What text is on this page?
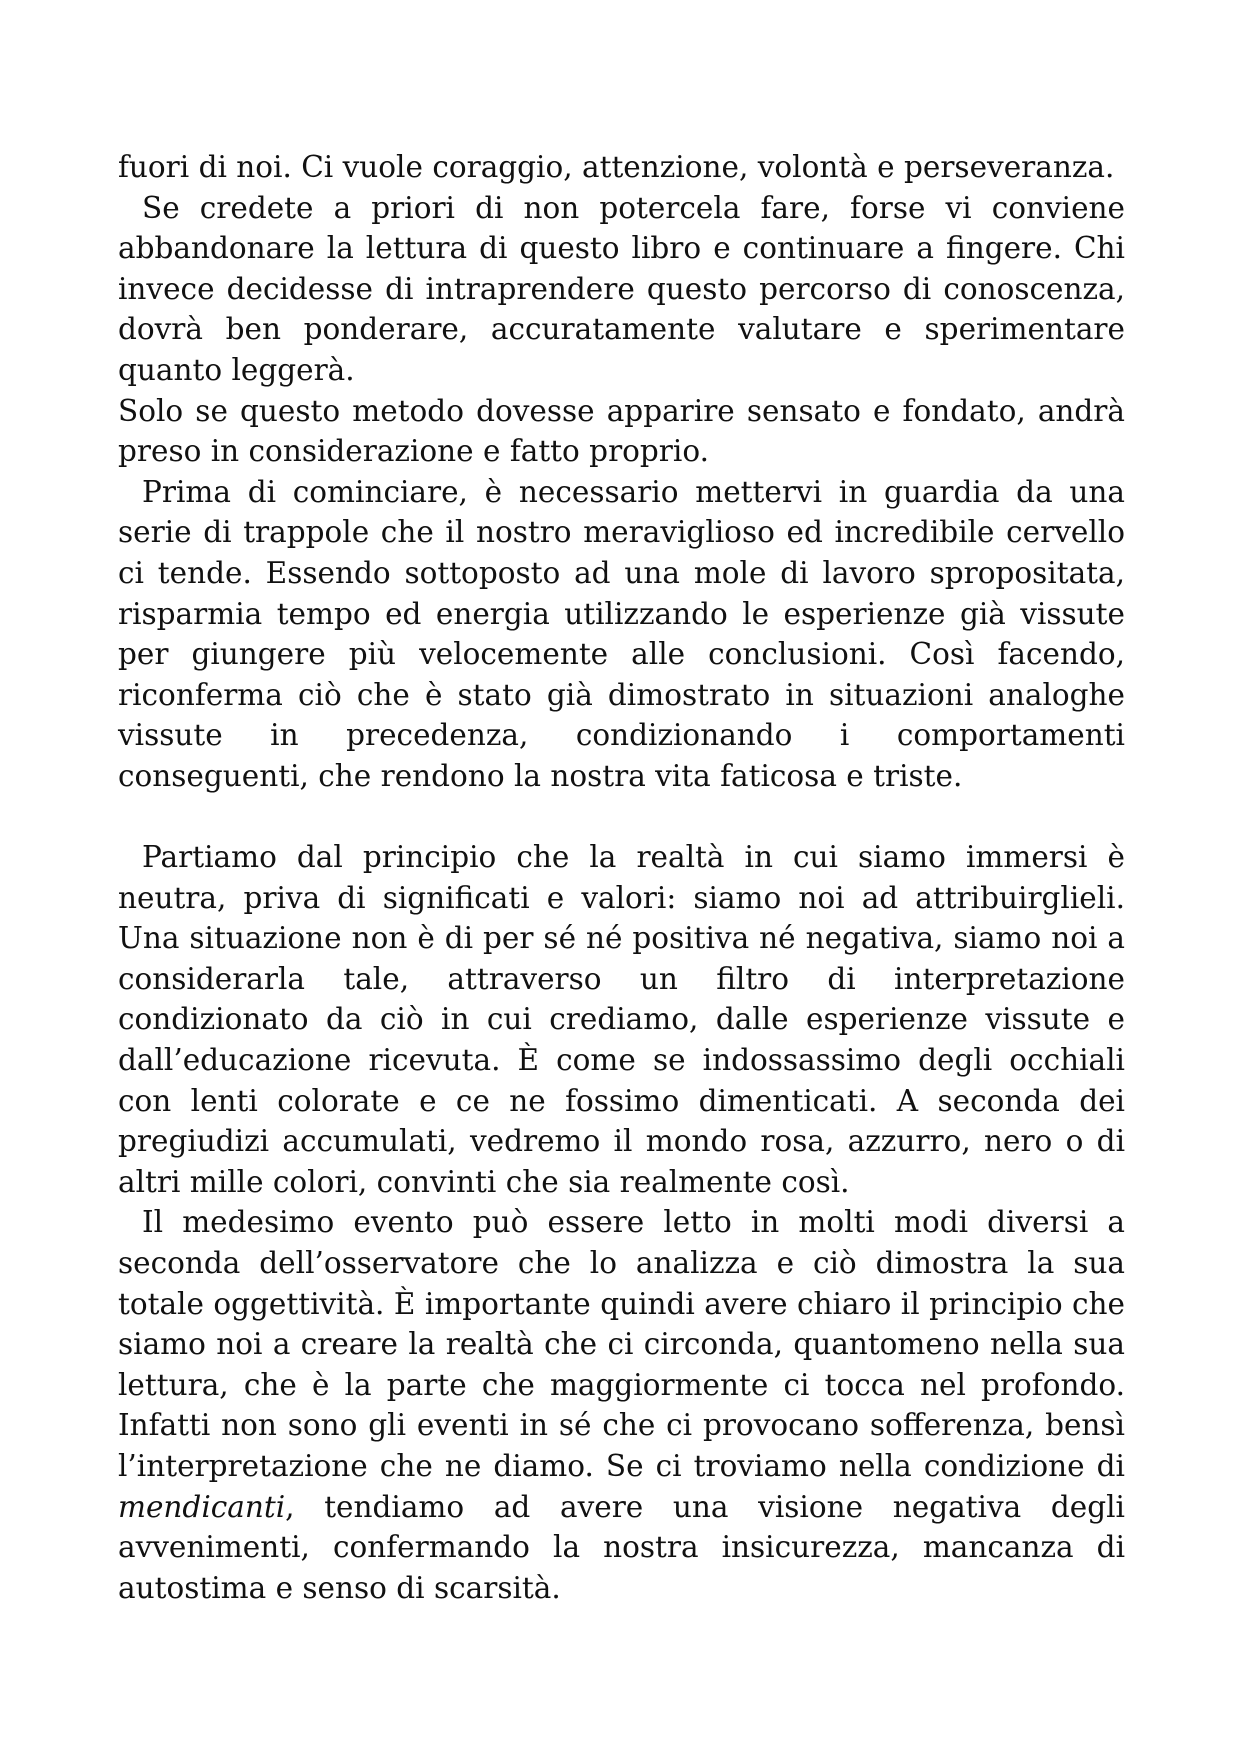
fuori di noi. Ci vuole coraggio, attenzione, volontà e perseveranza.

Se credete a priori di non potercela fare, forse vi conviene abbandonare la lettura di questo libro e continuare a fingere. Chi invece decidesse di intraprendere questo percorso di conoscenza, dovrà ben ponderare, accuratamente valutare e sperimentare quanto leggerà.

Solo se questo metodo dovesse apparire sensato e fondato, andrà preso in considerazione e fatto proprio.

Prima di cominciare, è necessario mettervi in guardia da una serie di trappole che il nostro meraviglioso ed incredibile cervello ci tende. Essendo sottoposto ad una mole di lavoro spropositata, risparmia tempo ed energia utilizzando le esperienze già vissute per giungere più velocemente alle conclusioni. Così facendo, riconferma ciò che è stato già dimostrato in situazioni analoghe vissute in precedenza, condizionando i comportamenti conseguenti, che rendono la nostra vita faticosa e triste.

Partiamo dal principio che la realtà in cui siamo immersi è neutra, priva di significati e valori: siamo noi ad attribuirglieli. Una situazione non è di per sé né positiva né negativa, siamo noi a considerarla tale, attraverso un filtro di interpretazione condizionato da ciò in cui crediamo, dalle esperienze vissute e dall’educazione ricevuta. È come se indossassimo degli occhiali con lenti colorate e ce ne fossimo dimenticati. A seconda dei pregiudizi accumulati, vedremo il mondo rosa, azzurro, nero o di altri mille colori, convinti che sia realmente così.

Il medesimo evento può essere letto in molti modi diversi a seconda dell’osservatore che lo analizza e ciò dimostra la sua totale oggettività. È importante quindi avere chiaro il principio che siamo noi a creare la realtà che ci circonda, quantomeno nella sua lettura, che è la parte che maggiormente ci tocca nel profondo. Infatti non sono gli eventi in sé che ci provocano sofferenza, bensì l’interpretazione che ne diamo. Se ci troviamo nella condizione di mendicanti, tendiamo ad avere una visione negativa degli avvenimenti, confermando la nostra insicurezza, mancanza di autostima e senso di scarsità.
